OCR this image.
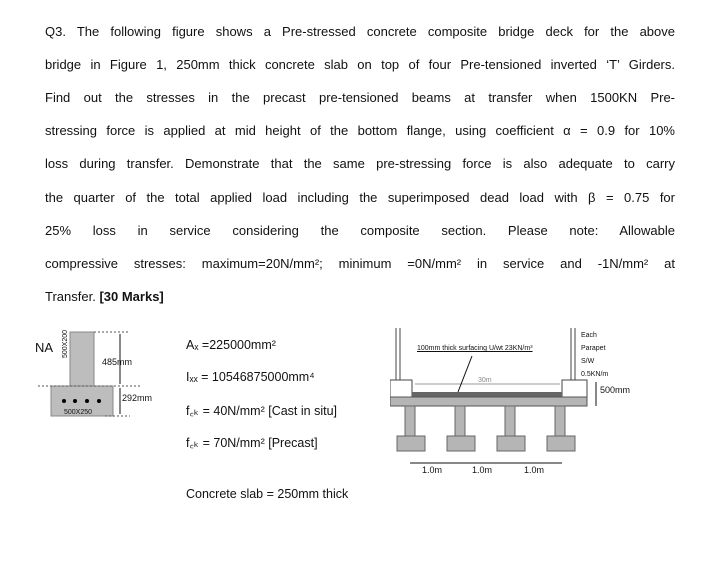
Q3. The following figure shows a Pre-stressed concrete composite bridge deck for the above
bridge in Figure 1, 250mm thick concrete slab on top of four Pre-tensioned inverted ‘T’ Girders.
Find out the stresses in the precast pre-tensioned beams at transfer when 1500KN Pre-
stressing force is applied at mid height of the bottom flange, using coefficient α = 0.9 for 10%
loss during transfer. Demonstrate that the same pre-stressing force is also adequate to carry
the quarter of the total applied load including the superimposed dead load with β = 0.75 for
25% loss in service considering the composite section. Please note: Allowable
compressive stresses: maximum=20N/mm²; minimum =0N/mm² in service and -1N/mm² at
Transfer. [30 Marks]
NA 500X200
500X250
485mm
292mm
Aₓ =225000mm²
Iₓₓ = 10546875000mm⁴
f꜀ₖ = 40N/mm² [Cast in situ]
f꜀ₖ = 70N/mm² [Precast]
Concrete slab = 250mm thick
100mm thick surfacing U/wt 23KN/m³
30m
500mm
Each
Parapet
S/W
0.5KN/m
1.0m	1.0m	1.0m
